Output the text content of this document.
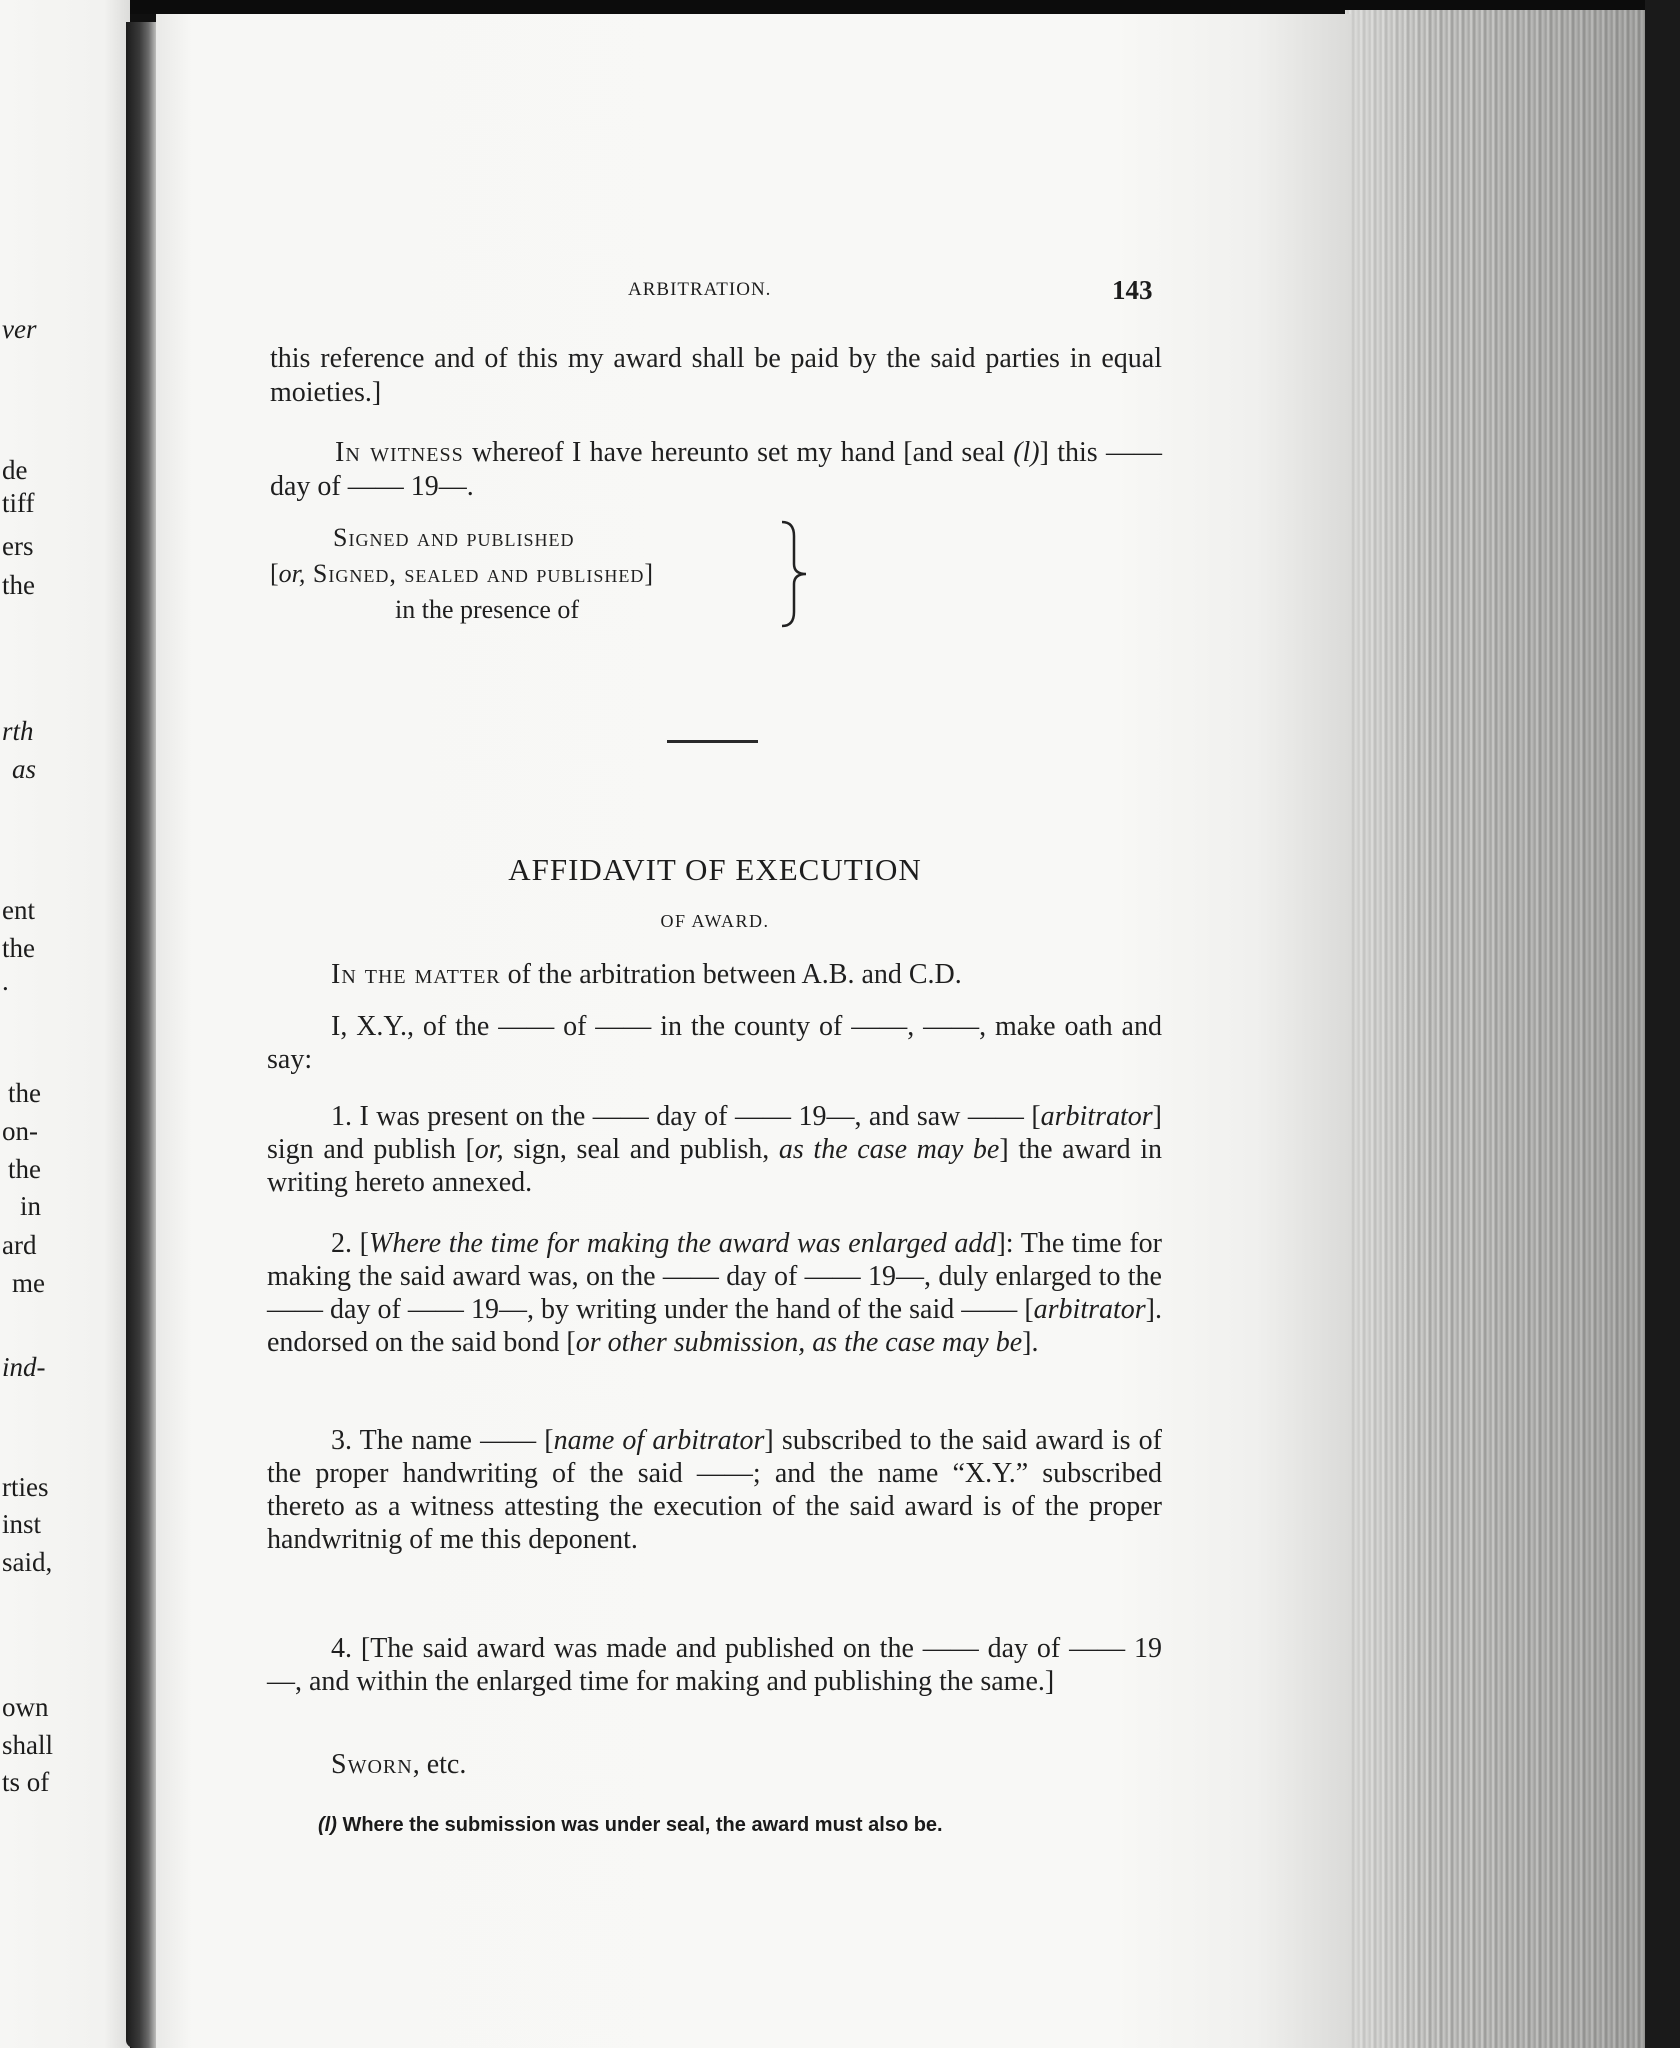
ver
de
tiff
ers
the
rth
as
ent
the
.
the
on-
the
in
ard
me
ind-
rties
inst
said,
own
shall
ts of
ARBITRATION.	143
this reference and of this my award shall be paid by the said parties in equal moieties.]
In witness whereof I have hereunto set my hand [and seal (l)] this —— day of —— 19—.
Signed and published
[or, Signed, sealed and published]
in the presence of
AFFIDAVIT OF EXECUTION
OF AWARD.
In the matter of the arbitration between A.B. and C.D.
I, X.Y., of the —— of —— in the county of ——, ——, make oath and say:
1. I was present on the —— day of —— 19—, and saw —— [arbitrator] sign and publish [or, sign, seal and publish, as the case may be] the award in writing hereto annexed.
2. [Where the time for making the award was enlarged add]: The time for making the said award was, on the —— day of —— 19—, duly enlarged to the —— day of —— 19—, by writing under the hand of the said —— [arbitrator]. endorsed on the said bond [or other submission, as the case may be].
3. The name —— [name of arbitrator] subscribed to the said award is of the proper handwriting of the said ——; and the name “X.Y.” subscribed thereto as a witness attesting the execution of the said award is of the proper handwritnig of me this deponent.
4. [The said award was made and published on the —— day of —— 19—, and within the enlarged time for making and publishing the same.]
Sworn, etc.
(l) Where the submission was under seal, the award must also be.
